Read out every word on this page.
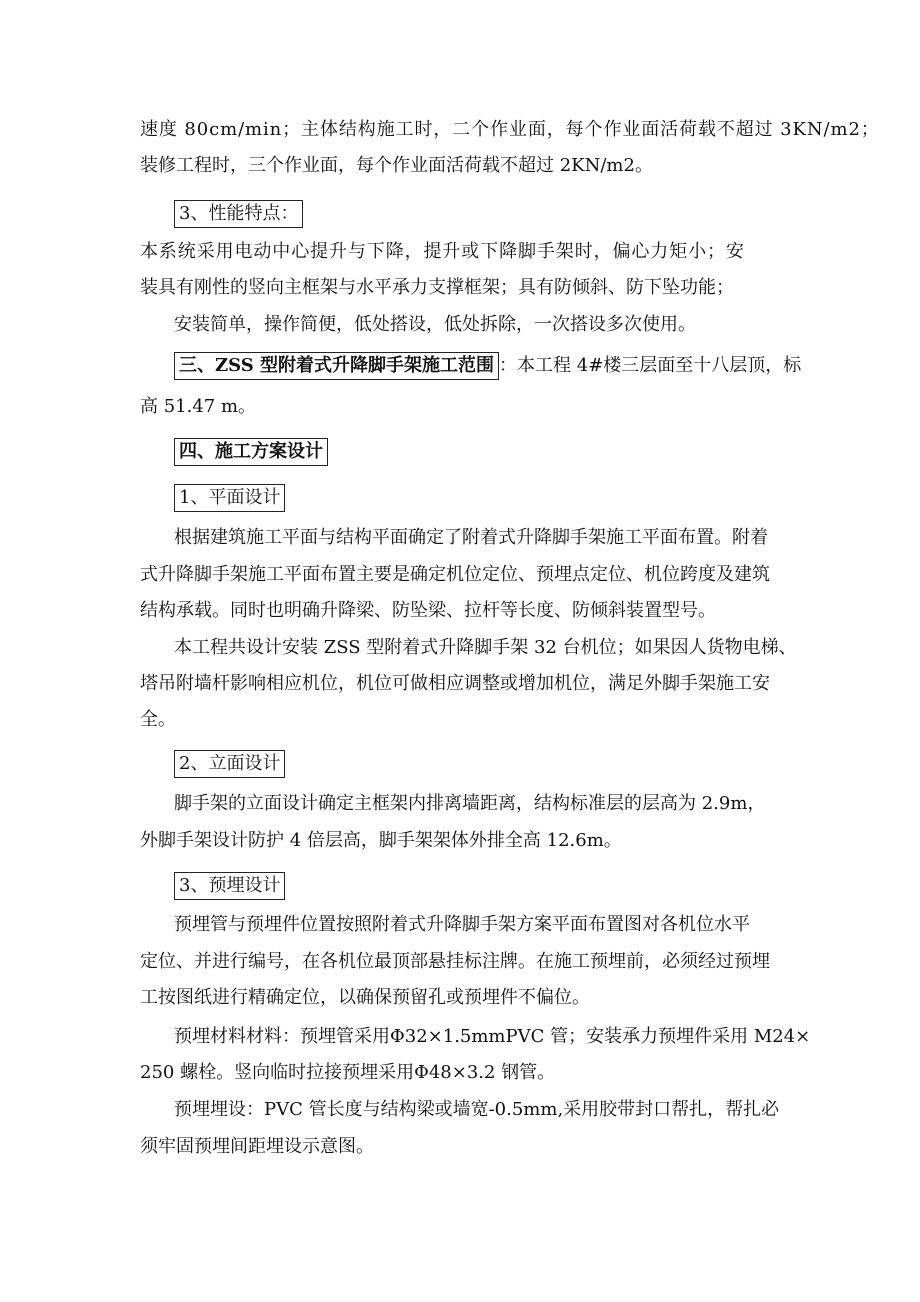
速度 80cm/min；主体结构施工时，二个作业面，每个作业面活荷载不超过 3KN/m2；
装修工程时，三个作业面，每个作业面活荷载不超过 2KN/m2。
3、性能特点：
本系统采用电动中心提升与下降，提升或下降脚手架时，偏心力矩小；安
装具有刚性的竖向主框架与水平承力支撑框架；具有防倾斜、防下坠功能；
安装简单，操作简便，低处搭设，低处拆除，一次搭设多次使用。
三、ZSS 型附着式升降脚手架施工范围 ：本工程 4#楼三层面至十八层顶，标
高 51.47 m。
四、施工方案设计
1、平面设计
根据建筑施工平面与结构平面确定了附着式升降脚手架施工平面布置。附着
式升降脚手架施工平面布置主要是确定机位定位、预埋点定位、机位跨度及建筑
结构承载。同时也明确升降梁、防坠梁、拉杆等长度、防倾斜装置型号。
本工程共设计安装 ZSS 型附着式升降脚手架 32 台机位；如果因人货物电梯、
塔吊附墙杆影响相应机位，机位可做相应调整或增加机位，满足外脚手架施工安
全。
2、立面设计
脚手架的立面设计确定主框架内排离墙距离，结构标准层的层高为 2.9m，
外脚手架设计防护 4 倍层高，脚手架架体外排全高 12.6m。
3、预埋设计
预埋管与预埋件位置按照附着式升降脚手架方案平面布置图对各机位水平
定位、并进行编号，在各机位最顶部悬挂标注牌。在施工预埋前，必须经过预埋
工按图纸进行精确定位，以确保预留孔或预埋件不偏位。
预埋材料材料：预埋管采用Φ32×1.5mmPVC 管；安装承力预埋件采用 M24×
250 螺栓。竖向临时拉接预埋采用Φ48×3.2 钢管。
预埋埋设：PVC 管长度与结构梁或墙宽-0.5mm,采用胶带封口帮扎，帮扎必
须牢固预埋间距埋设示意图。
